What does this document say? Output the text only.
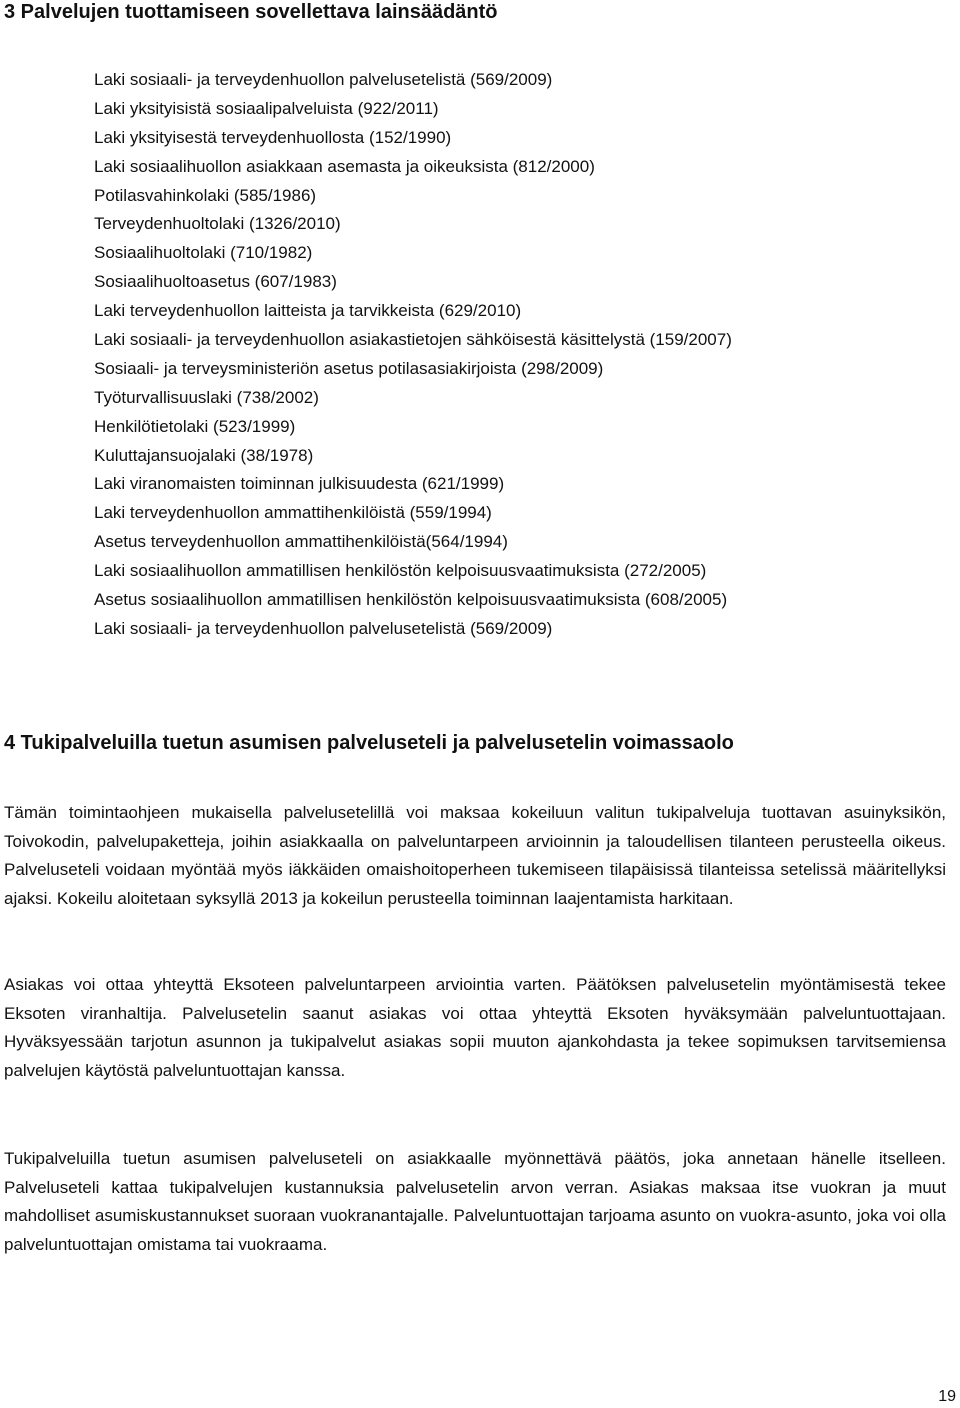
3 Palvelujen tuottamiseen sovellettava lainsäädäntö
Laki sosiaali- ja terveydenhuollon palvelusetelistä (569/2009)
Laki yksityisistä sosiaalipalveluista (922/2011)
Laki yksityisestä terveydenhuollosta (152/1990)
Laki sosiaalihuollon asiakkaan asemasta ja oikeuksista (812/2000)
Potilasvahinkolaki (585/1986)
Terveydenhuoltolaki (1326/2010)
Sosiaalihuoltolaki (710/1982)
Sosiaalihuoltoasetus (607/1983)
Laki terveydenhuollon laitteista ja tarvikkeista (629/2010)
Laki sosiaali- ja terveydenhuollon asiakastietojen sähköisestä käsittelystä (159/2007)
Sosiaali- ja terveysministeriön asetus potilasasiakirjoista (298/2009)
Työturvallisuuslaki (738/2002)
Henkilötietolaki (523/1999)
Kuluttajansuojalaki (38/1978)
Laki viranomaisten toiminnan julkisuudesta (621/1999)
Laki terveydenhuollon ammattihenkilöistä (559/1994)
Asetus terveydenhuollon ammattihenkilöistä(564/1994)
Laki sosiaalihuollon ammatillisen henkilöstön kelpoisuusvaatimuksista (272/2005)
Asetus sosiaalihuollon ammatillisen henkilöstön kelpoisuusvaatimuksista (608/2005)
Laki sosiaali- ja terveydenhuollon palvelusetelistä (569/2009)
4 Tukipalveluilla tuetun asumisen palveluseteli ja palvelusetelin voimassaolo

Tämän toimintaohjeen mukaisella palvelusetelillä voi maksaa kokeiluun valitun tukipalveluja tuottavan asuinyksikön, Toivokodin, palvelupaketteja, joihin asiakkaalla on palveluntarpeen arvioinnin ja taloudellisen tilanteen perusteella oikeus. Palveluseteli voidaan myöntää myös iäkkäiden omaishoitoperheen tukemiseen tilapäisissä tilanteissa setelissä määritellyksi ajaksi. Kokeilu aloitetaan syksyllä 2013 ja kokeilun perusteella toiminnan laajentamista harkitaan.

Asiakas voi ottaa yhteyttä Eksoteen palveluntarpeen arviointia varten. Päätöksen palvelusetelin myöntämisestä tekee Eksoten viranhaltija. Palvelusetelin saanut asiakas voi ottaa yhteyttä Eksoten hyväksymään palveluntuottajaan. Hyväksyessään tarjotun asunnon ja tukipalvelut asiakas sopii muuton ajankohdasta ja tekee sopimuksen tarvitsemiensa palvelujen käytöstä palveluntuottajan kanssa.

Tukipalveluilla tuetun asumisen palveluseteli on asiakkaalle myönnettävä päätös, joka annetaan hänelle itselleen. Palveluseteli kattaa tukipalvelujen kustannuksia palvelusetelin arvon verran. Asiakas maksaa itse vuokran ja muut mahdolliset asumiskustannukset suoraan vuokranantajalle. Palveluntuottajan tarjoama asunto on vuokra-asunto, joka voi olla palveluntuottajan omistama tai vuokraama.

19
